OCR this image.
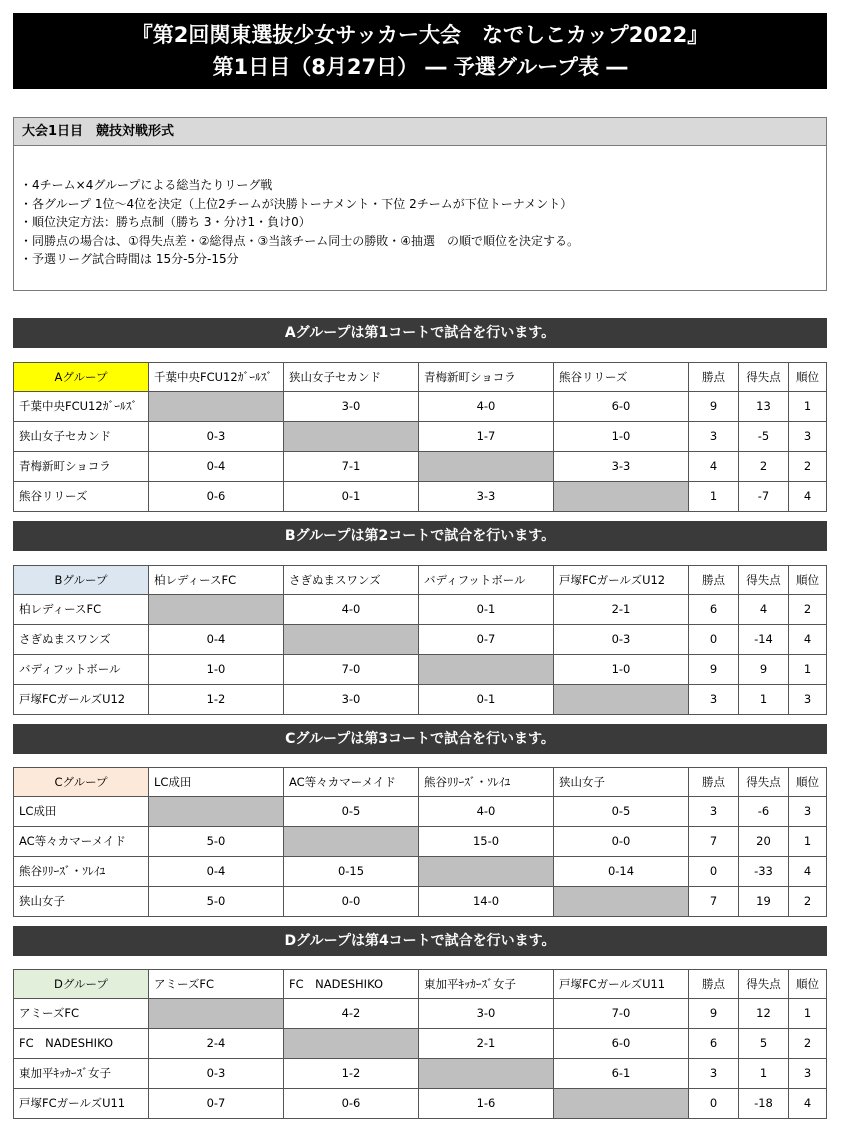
『第2回関東選抜少女サッカー大会　なでしこカップ2022』
第1日目（8月27日） ― 予選グループ表 ―
大会1日目　競技対戦形式
・4チーム×4グループによる総当たりリーグ戦
・各グループ 1位～4位を決定（上位2チームが決勝トーナメント・下位 2チームが下位トーナメント）
・順位決定方法：勝ち点制（勝ち 3・分け1・負け0）
・同勝点の場合は、①得失点差・②総得点・③当該チーム同士の勝敗・④抽選　の順で順位を決定する。
・予選リーグ試合時間は 15分-5分-15分
Aグループは第1コートで試合を行います。
Aグループ	千葉中央FCU12ｶﾞｰﾙｽﾞ	狭山女子セカンド	青梅新町ショコラ	熊谷リリーズ	勝点	得失点	順位
千葉中央FCU12ｶﾞｰﾙｽﾞ		3-0	4-0	6-0	9	13	1
狭山女子セカンド	0-3		1-7	1-0	3	-5	3
青梅新町ショコラ	0-4	7-1		3-3	4	2	2
熊谷リリーズ	0-6	0-1	3-3		1	-7	4
Bグループは第2コートで試合を行います。
Bグループ	柏レディースFC	さぎぬまスワンズ	バディフットボール	戸塚FCガールズU12	勝点	得失点	順位
柏レディースFC		4-0	0-1	2-1	6	4	2
さぎぬまスワンズ	0-4		0-7	0-3	0	-14	4
バディフットボール	1-0	7-0		1-0	9	9	1
戸塚FCガールズU12	1-2	3-0	0-1		3	1	3
Cグループは第3コートで試合を行います。
Cグループ	LC成田	AC等々カマーメイド	熊谷ﾘﾘｰｽﾞ・ｿﾚｲﾕ	狭山女子	勝点	得失点	順位
LC成田		0-5	4-0	0-5	3	-6	3
AC等々カマーメイド	5-0		15-0	0-0	7	20	1
熊谷ﾘﾘｰｽﾞ・ｿﾚｲﾕ	0-4	0-15		0-14	0	-33	4
狭山女子	5-0	0-0	14-0		7	19	2
Dグループは第4コートで試合を行います。
Dグループ	アミーズFC	FC　NADESHIKO	東加平ｷｯｶｰｽﾞ女子	戸塚FCガールズU11	勝点	得失点	順位
アミーズFC		4-2	3-0	7-0	9	12	1
FC　NADESHIKO	2-4		2-1	6-0	6	5	2
東加平ｷｯｶｰｽﾞ女子	0-3	1-2		6-1	3	1	3
戸塚FCガールズU11	0-7	0-6	1-6		0	-18	4
